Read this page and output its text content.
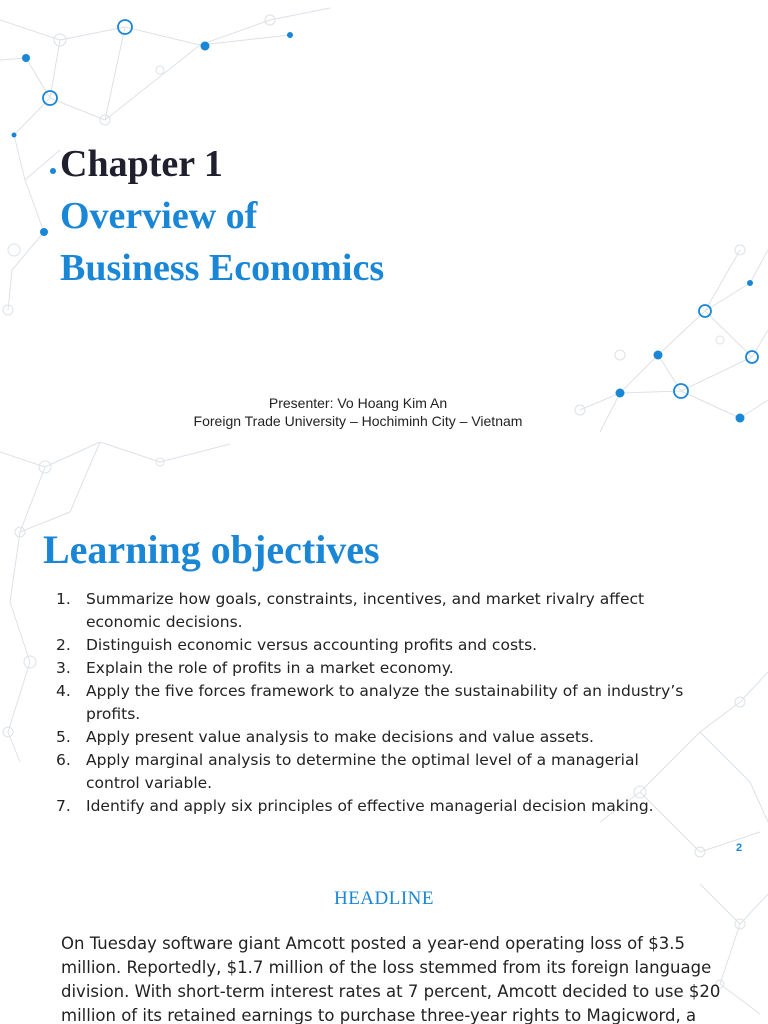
Chapter 1
Overview of
Business Economics
Presenter: Vo Hoang Kim An
Foreign Trade University – Hochiminh City – Vietnam
Learning objectives
1. Summarize how goals, constraints, incentives, and market rivalry affect economic decisions.
2. Distinguish economic versus accounting profits and costs.
3. Explain the role of profits in a market economy.
4. Apply the five forces framework to analyze the sustainability of an industry’s profits.
5. Apply present value analysis to make decisions and value assets.
6. Apply marginal analysis to determine the optimal level of a managerial control variable.
7. Identify and apply six principles of effective managerial decision making.
2
HEADLINE

On Tuesday software giant Amcott posted a year-end operating loss of $3.5 million. Reportedly, $1.7 million of the loss stemmed from its foreign language division. With short-term interest rates at 7 percent, Amcott decided to use $20 million of its retained earnings to purchase three-year rights to Magicword, a
